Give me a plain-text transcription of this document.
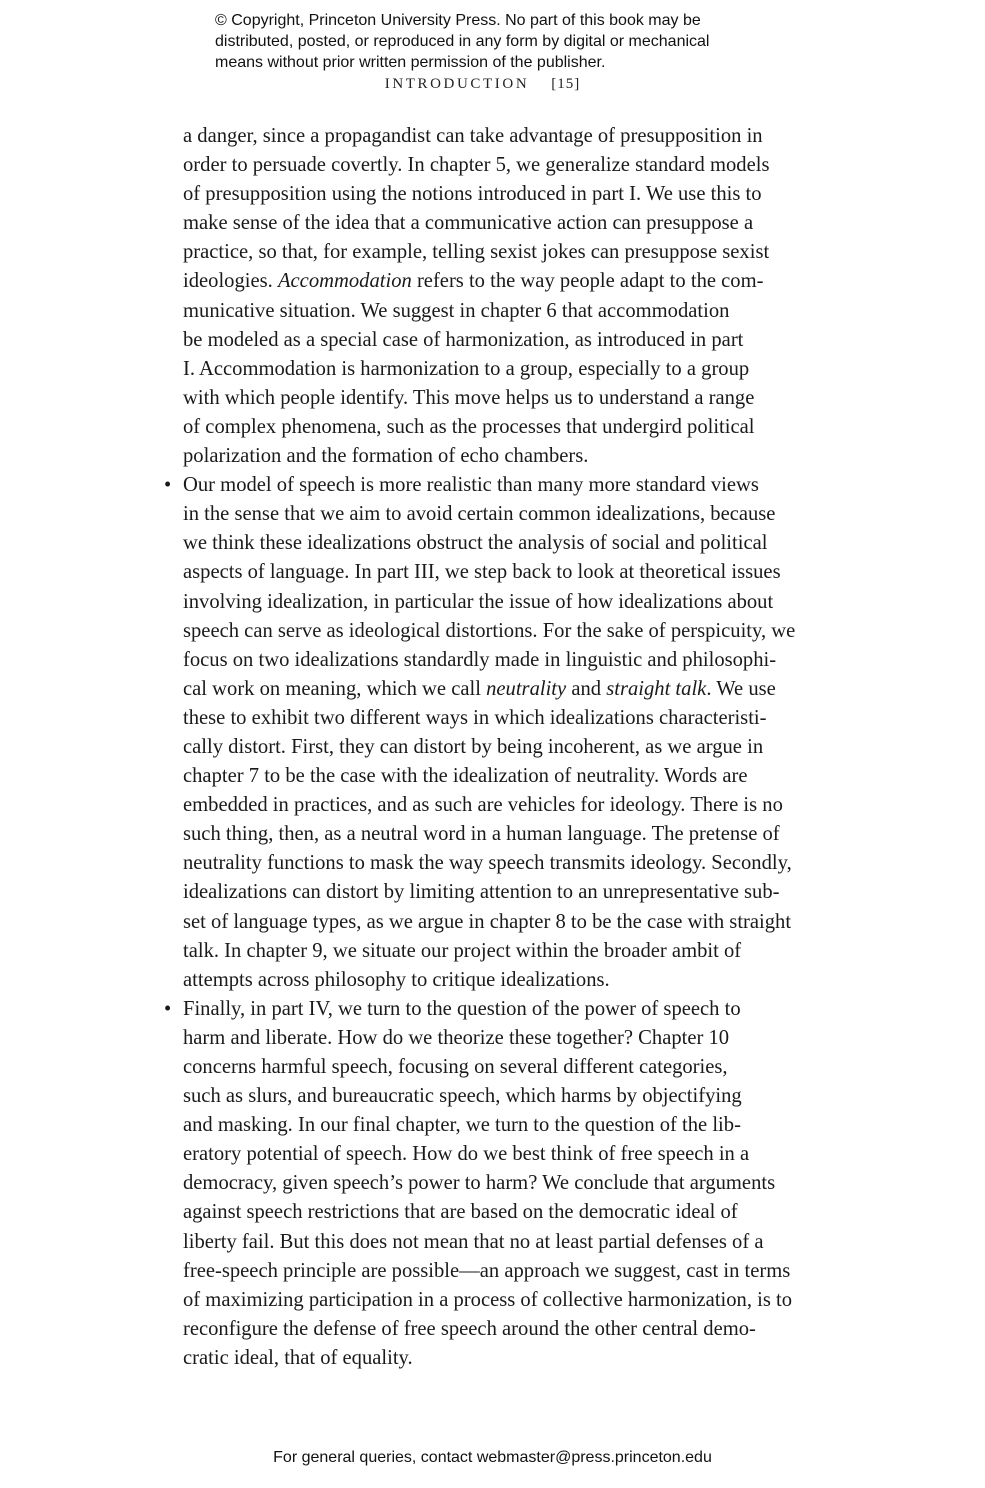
© Copyright, Princeton University Press. No part of this book may be
distributed, posted, or reproduced in any form by digital or mechanical
means without prior written permission of the publisher.
INTRODUCTION [15]
a danger, since a propagandist can take advantage of presupposition in
order to persuade covertly. In chapter 5, we generalize standard models
of presupposition using the notions introduced in part I. We use this to
make sense of the idea that a communicative action can presuppose a
practice, so that, for example, telling sexist jokes can presuppose sexist
ideologies. Accommodation refers to the way people adapt to the com-
municative situation. We suggest in chapter 6 that accommodation
be modeled as a special case of harmonization, as introduced in part
I. Accommodation is harmonization to a group, especially to a group
with which people identify. This move helps us to understand a range
of complex phenomena, such as the processes that undergird political
polarization and the formation of echo chambers.
• Our model of speech is more realistic than many more standard views
in the sense that we aim to avoid certain common idealizations, because
we think these idealizations obstruct the analysis of social and political
aspects of language. In part III, we step back to look at theoretical issues
involving idealization, in particular the issue of how idealizations about
speech can serve as ideological distortions. For the sake of perspicuity, we
focus on two idealizations standardly made in linguistic and philosophi-
cal work on meaning, which we call neutrality and straight talk. We use
these to exhibit two different ways in which idealizations characteristi-
cally distort. First, they can distort by being incoherent, as we argue in
chapter 7 to be the case with the idealization of neutrality. Words are
embedded in practices, and as such are vehicles for ideology. There is no
such thing, then, as a neutral word in a human language. The pretense of
neutrality functions to mask the way speech transmits ideology. Secondly,
idealizations can distort by limiting attention to an unrepresentative sub-
set of language types, as we argue in chapter 8 to be the case with straight
talk. In chapter 9, we situate our project within the broader ambit of
attempts across philosophy to critique idealizations.
• Finally, in part IV, we turn to the question of the power of speech to
harm and liberate. How do we theorize these together? Chapter 10
concerns harmful speech, focusing on several different categories,
such as slurs, and bureaucratic speech, which harms by objectifying
and masking. In our final chapter, we turn to the question of the lib-
eratory potential of speech. How do we best think of free speech in a
democracy, given speech’s power to harm? We conclude that arguments
against speech restrictions that are based on the democratic ideal of
liberty fail. But this does not mean that no at least partial defenses of a
free-speech principle are possible—an approach we suggest, cast in terms
of maximizing participation in a process of collective harmonization, is to
reconfigure the defense of free speech around the other central demo-
cratic ideal, that of equality.
For general queries, contact webmaster@press.princeton.edu
